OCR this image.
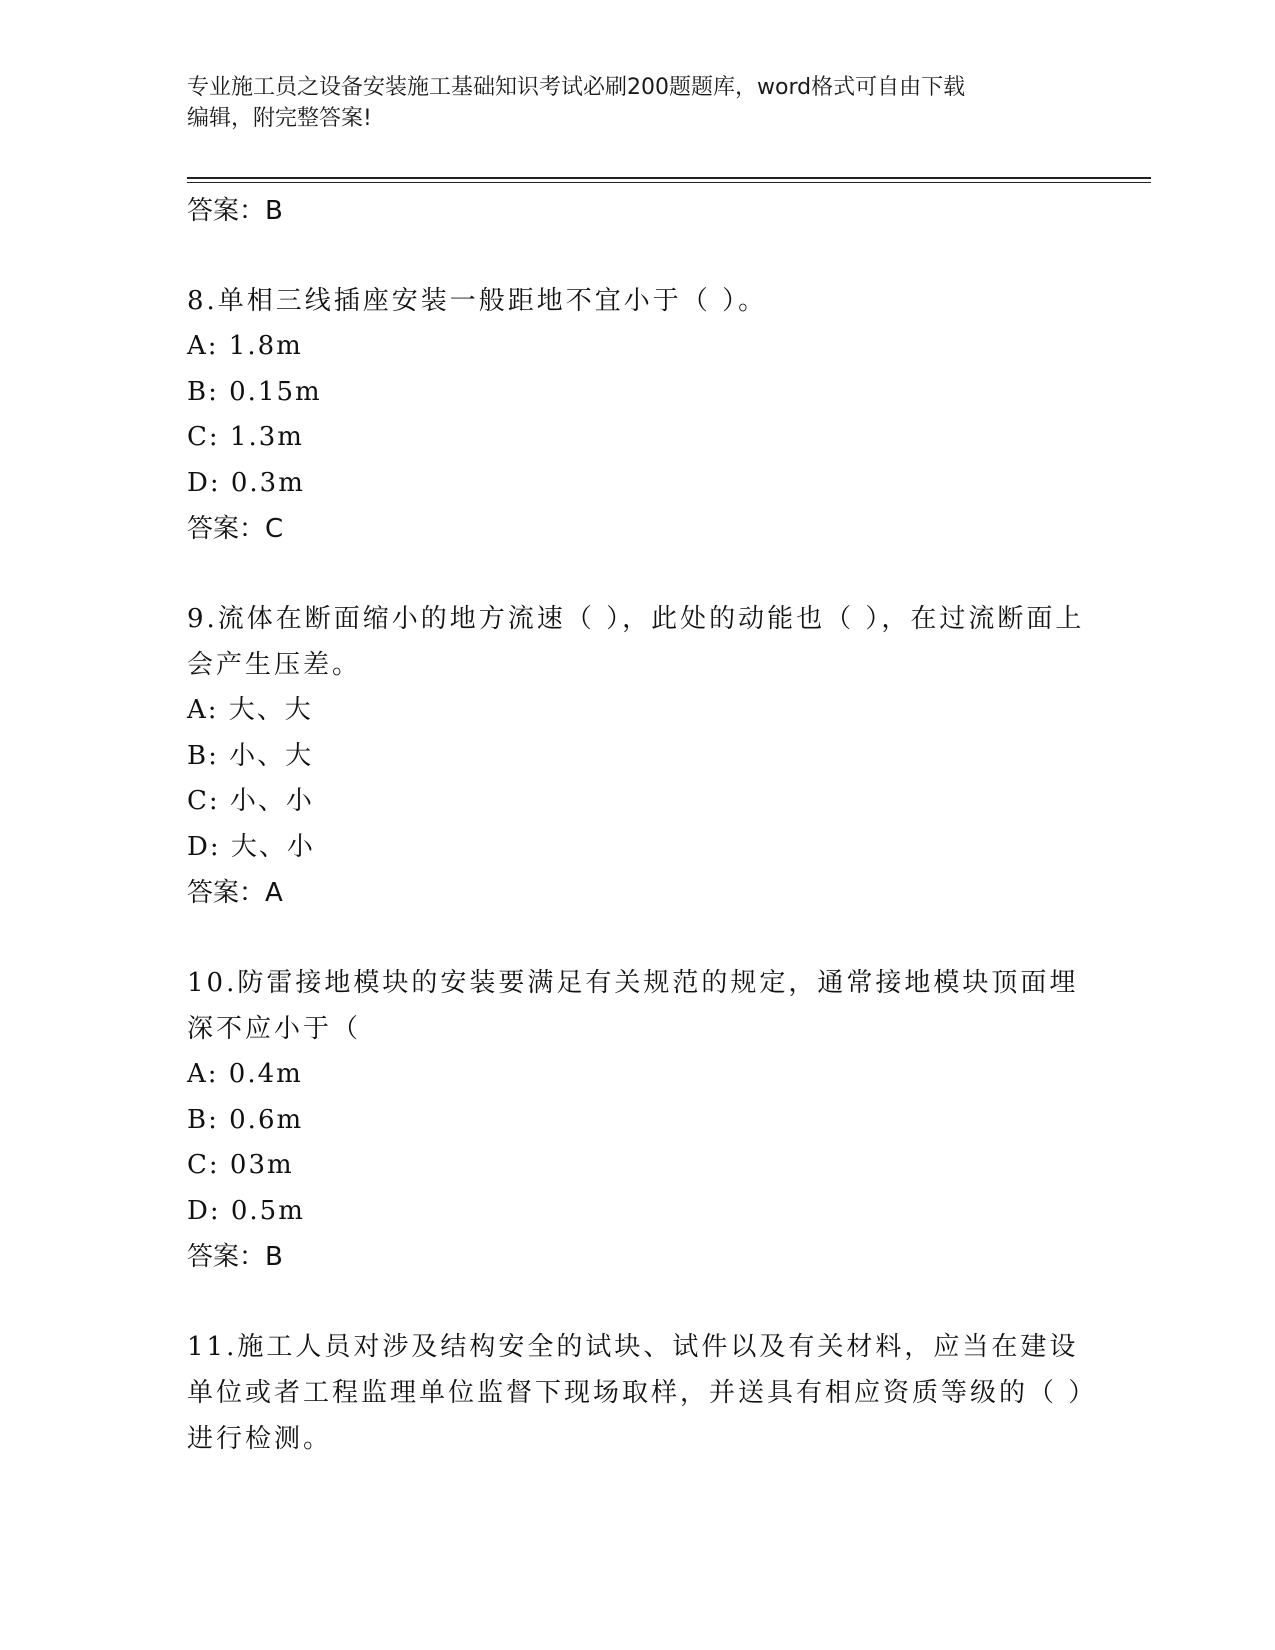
专业施工员之设备安装施工基础知识考试必刷200题题库，word格式可自由下载
编辑，附完整答案!
答案：B
8.单相三线插座安装一般距地不宜小于（ ）。
A: 1.8m
B: 0.15m
C: 1.3m
D: 0.3m
答案：C
9.流体在断面缩小的地方流速（ ），此处的动能也（ ），在过流断面上会产生压差。
A: 大、大
B: 小、大
C: 小、小
D: 大、小
答案：A
10.防雷接地模块的安装要满足有关规范的规定，通常接地模块顶面埋深不应小于（
A: 0.4m
B: 0.6m
C: 03m
D: 0.5m
答案：B
11.施工人员对涉及结构安全的试块、试件以及有关材料，应当在建设单位或者工程监理单位监督下现场取样，并送具有相应资质等级的（ ）进行检测。
